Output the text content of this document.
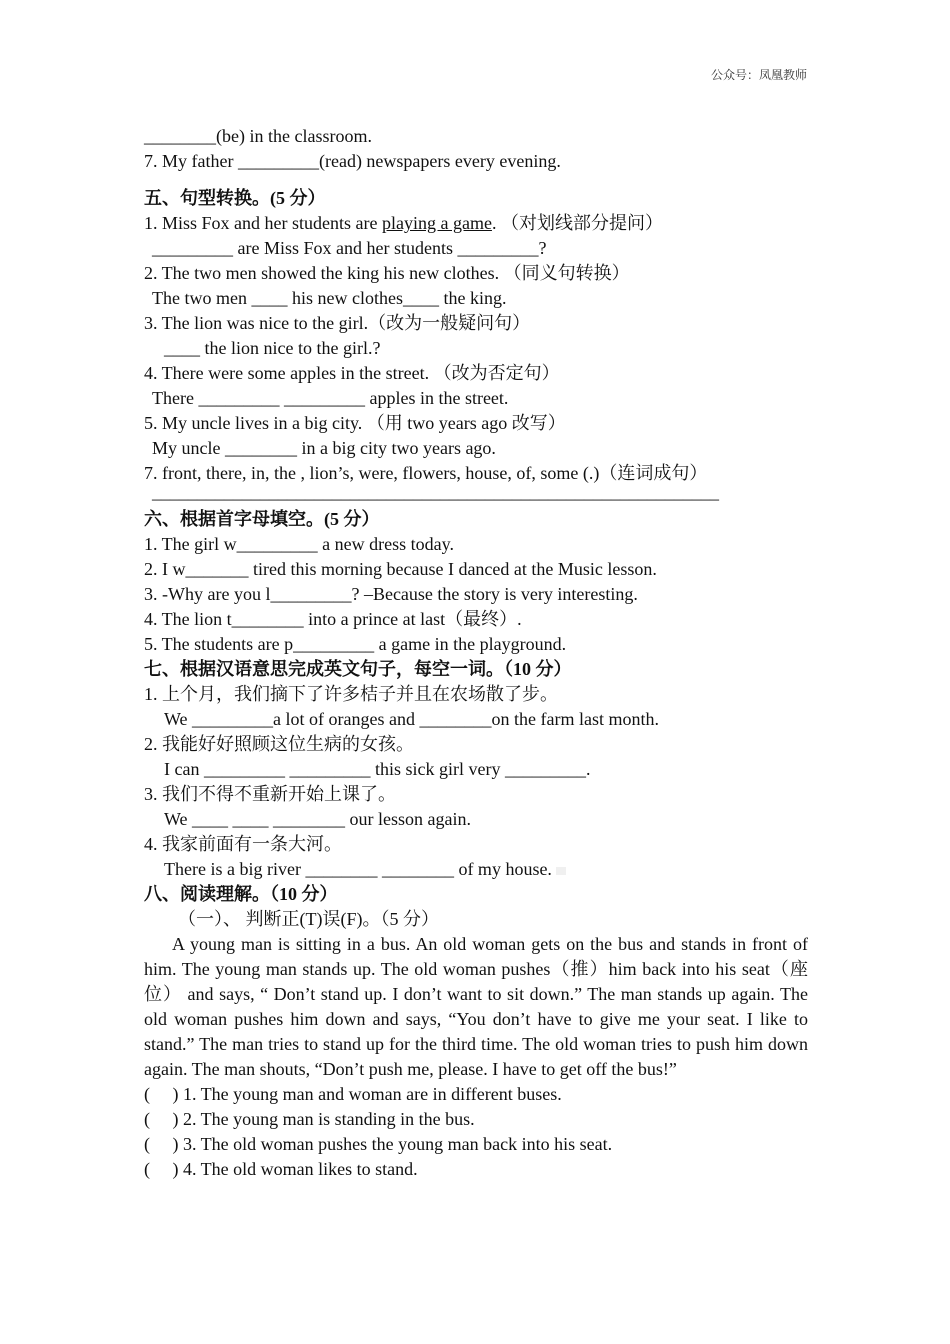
公众号：凤凰教师
________(be) in the classroom.
7. My father _________(read) newspapers every evening.
五、句型转换。(5 分）
1. Miss Fox and her students are playing a game. （对划线部分提问）
_________ are Miss Fox and her students _________?
2. The two men showed the king his new clothes. （同义句转换）
The two men ____ his new clothes____ the king.
3. The lion was nice to the girl.（改为一般疑问句）
____ the lion nice to the girl.?
4. There were some apples in the street. （改为否定句）
There _________ _________ apples in the street.
5. My uncle lives in a big city. （用 two years ago 改写）
My uncle ________ in a big city two years ago.
7. front, there, in, the , lion’s, were, flowers, house, of, some (.)（连词成句）
_______________________________________________________________
六、根据首字母填空。(5 分）
1. The girl w_________ a new dress today.
2. I w_______ tired this morning because I danced at the Music lesson.
3. -Why are you l_________? –Because the story is very interesting.
4. The lion t________ into a prince at last（最终）.
5. The students are p_________ a game in the playground.
七、根据汉语意思完成英文句子，每空一词。（10 分）
1. 上个月，我们摘下了许多桔子并且在农场散了步。
We _________a lot of oranges and ________on the farm last month.
2. 我能好好照顾这位生病的女孩。
I can _________ _________ this sick girl very _________.
3. 我们不得不重新开始上课了。
We ____ ____ ________ our lesson again.
4. 我家前面有一条大河。
There is a big river ________ ________ of my house.
八、阅读理解。（10 分）
（一）、 判断正(T)误(F)。（5 分）

A young man is sitting in a bus. An old woman gets on the bus and stands in front of him. The young man stands up. The old woman pushes（推）him back into his seat（座位） and says, “ Don’t stand up. I don’t want to sit down.” The man stands up again. The old woman pushes him down and says, “You don’t have to give me your seat. I like to stand.” The man tries to stand up for the third time. The old woman tries to push him down again. The man shouts, “Don’t push me, please. I have to get off the bus!”

(     ) 1. The young man and woman are in different buses.
(     ) 2. The young man is standing in the bus.
(     ) 3. The old woman pushes the young man back into his seat.
(     ) 4. The old woman likes to stand.
